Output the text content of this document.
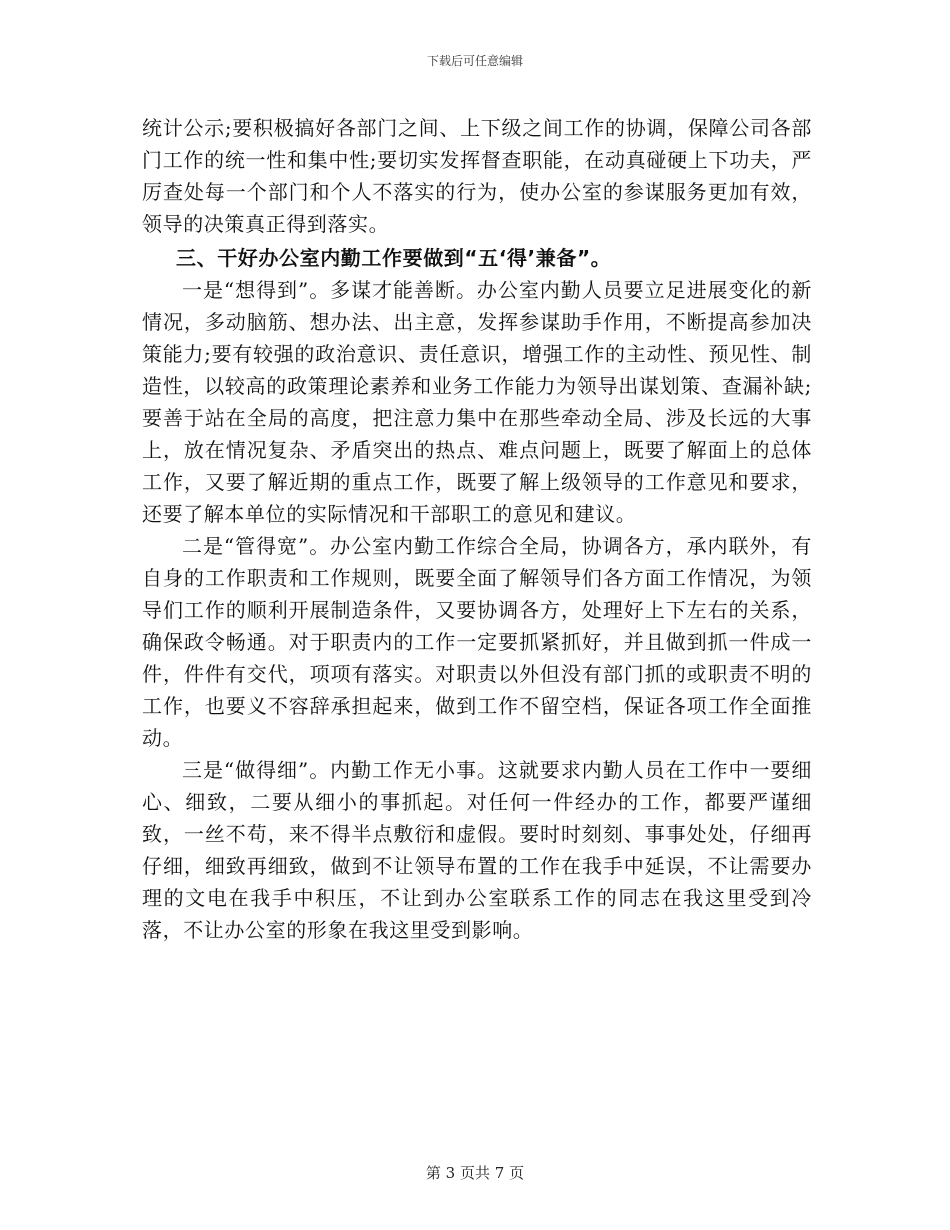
下载后可任意编辑

统计公示;要积极搞好各部门之间、上下级之间工作的协调，保障公司各部门工作的统一性和集中性;要切实发挥督查职能，在动真碰硬上下功夫，严厉查处每一个部门和个人不落实的行为，使办公室的参谋服务更加有效，领导的决策真正得到落实。

三、干好办公室内勤工作要做到“五‘得’兼备”。

一是“想得到”。多谋才能善断。办公室内勤人员要立足进展变化的新情况，多动脑筋、想办法、出主意，发挥参谋助手作用，不断提高参加决策能力;要有较强的政治意识、责任意识，增强工作的主动性、预见性、制造性，以较高的政策理论素养和业务工作能力为领导出谋划策、查漏补缺;要善于站在全局的高度，把注意力集中在那些牵动全局、涉及长远的大事上，放在情况复杂、矛盾突出的热点、难点问题上，既要了解面上的总体工作，又要了解近期的重点工作，既要了解上级领导的工作意见和要求，还要了解本单位的实际情况和干部职工的意见和建议。

二是“管得宽”。办公室内勤工作综合全局，协调各方，承内联外，有自身的工作职责和工作规则，既要全面了解领导们各方面工作情况，为领导们工作的顺利开展制造条件，又要协调各方，处理好上下左右的关系，确保政令畅通。对于职责内的工作一定要抓紧抓好，并且做到抓一件成一件，件件有交代，项项有落实。对职责以外但没有部门抓的或职责不明的工作，也要义不容辞承担起来，做到工作不留空档，保证各项工作全面推动。

三是“做得细”。内勤工作无小事。这就要求内勤人员在工作中一要细心、细致，二要从细小的事抓起。对任何一件经办的工作，都要严谨细致，一丝不苟，来不得半点敷衍和虚假。要时时刻刻、事事处处，仔细再仔细，细致再细致，做到不让领导布置的工作在我手中延误，不让需要办理的文电在我手中积压，不让到办公室联系工作的同志在我这里受到冷落，不让办公室的形象在我这里受到影响。

第 3 页共 7 页
